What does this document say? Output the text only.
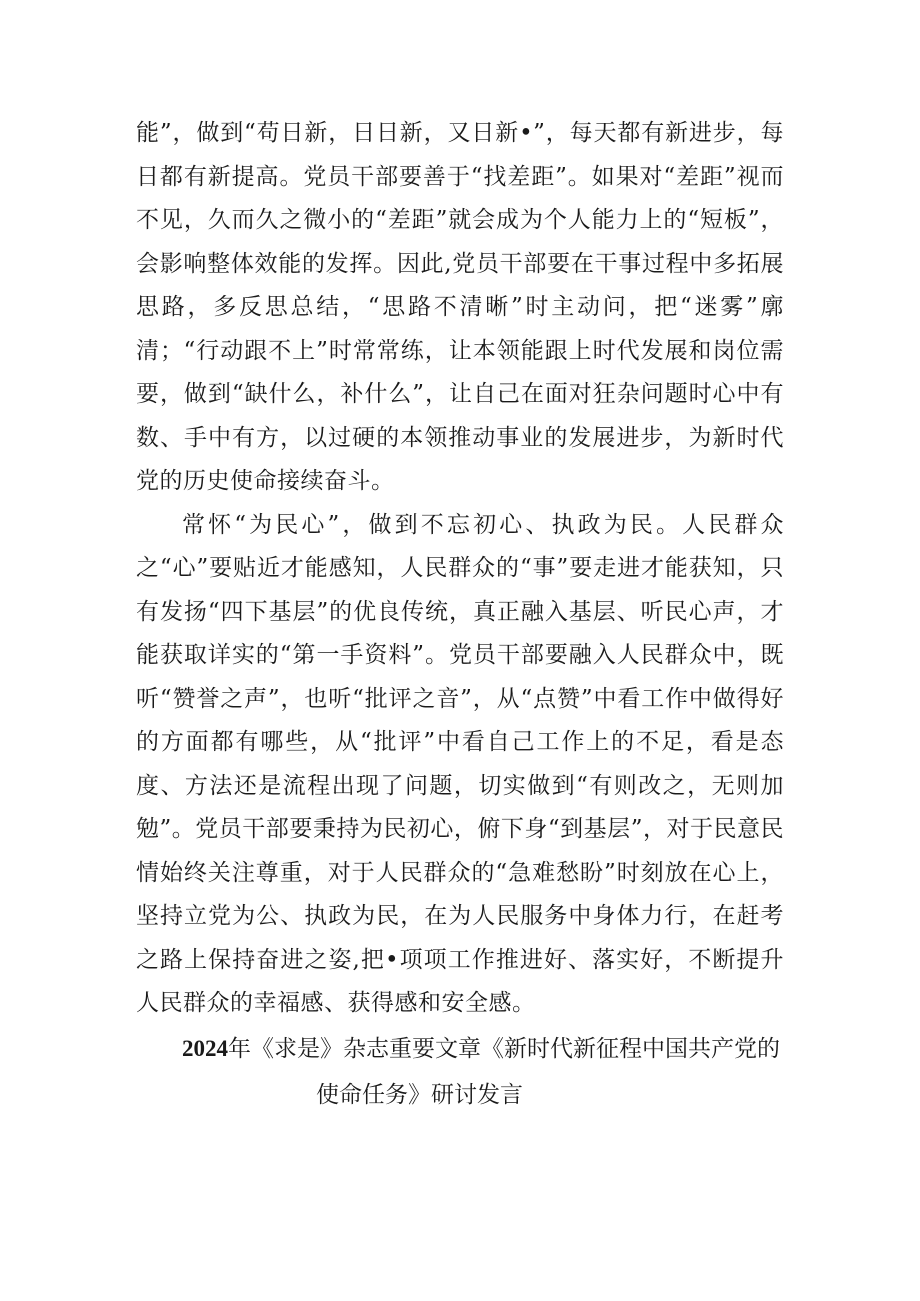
能”，做到“苟日新，日日新，又日新•”，每天都有新进步，每日都有新提高。党员干部要善于“找差距”。如果对“差距”视而不见，久而久之微小的“差距”就会成为个人能力上的“短板”，会影响整体效能的发挥。因此,党员干部要在干事过程中多拓展思路，多反思总结，“思路不清晰”时主动问，把“迷雾”廓清；“行动跟不上”时常常练，让本领能跟上时代发展和岗位需要，做到“缺什么，补什么”，让自己在面对狂杂问题时心中有数、手中有方，以过硬的本领推动事业的发展进步，为新时代党的历史使命接续奋斗。

常怀“为民心”，做到不忘初心、执政为民。人民群众之“心”要贴近才能感知，人民群众的“事”要走进才能获知，只有发扬“四下基层”的优良传统，真正融入基层、听民心声，才能获取详实的“第一手资料”。党员干部要融入人民群众中，既听“赞誉之声”，也听“批评之音”，从“点赞”中看工作中做得好的方面都有哪些，从“批评”中看自己工作上的不足，看是态度、方法还是流程出现了问题，切实做到“有则改之，无则加勉”。党员干部要秉持为民初心，俯下身“到基层”，对于民意民情始终关注尊重，对于人民群众的“急难愁盼”时刻放在心上，坚持立党为公、执政为民，在为人民服务中身体力行，在赶考之路上保持奋进之姿,把•项项工作推进好、落实好，不断提升人民群众的幸福感、获得感和安全感。

2024年《求是》杂志重要文章《新时代新征程中国共产党的
使命任务》研讨发言
